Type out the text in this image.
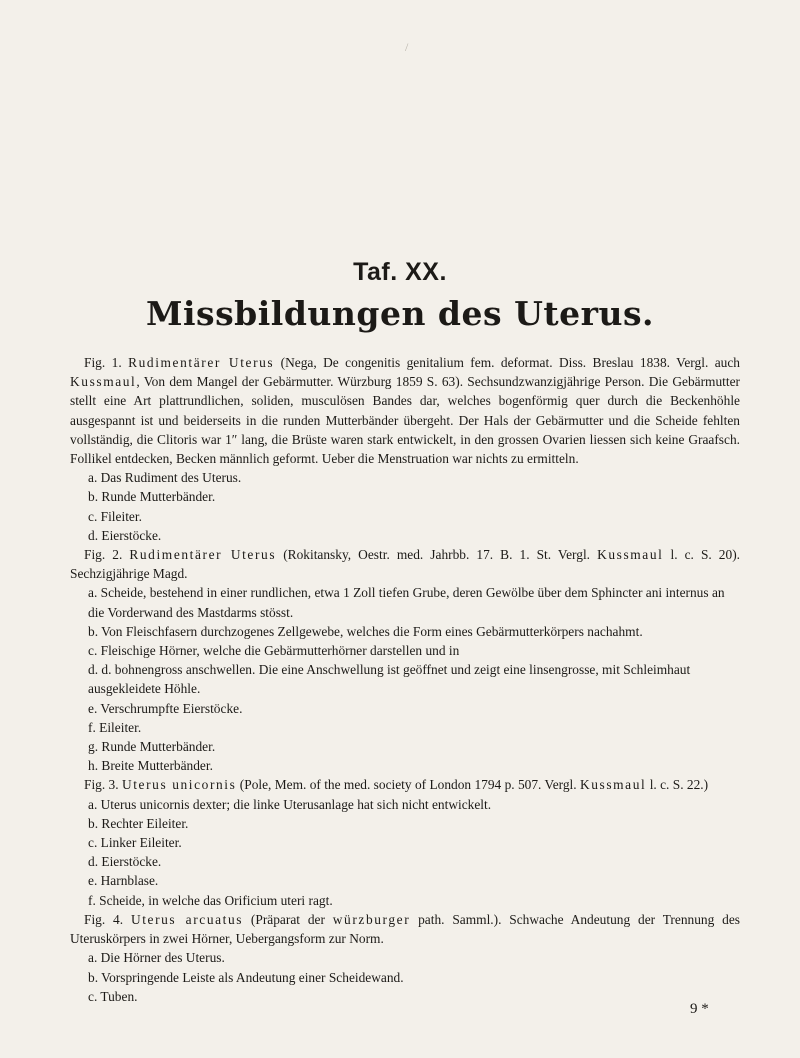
/
Taf. XX.
Missbildungen des Uterus.

Fig. 1. Rudimentärer Uterus (Nega, De congenitis genitalium fem. deformat. Diss. Breslau 1838. Vergl. auch Kussmaul, Von dem Mangel der Gebärmutter. Würzburg 1859 S. 63). Sechsundzwanzigjährige Person. Die Gebärmutter stellt eine Art plattrundlichen, soliden, musculösen Bandes dar, welches bogenförmig quer durch die Beckenhöhle ausgespannt ist und beiderseits in die runden Mutterbänder übergeht. Der Hals der Gebärmutter und die Scheide fehlten vollständig, die Clitoris war 1″ lang, die Brüste waren stark entwickelt, in den grossen Ovarien liessen sich keine Graafsch. Follikel entdecken, Becken männlich geformt. Ueber die Menstruation war nichts zu ermitteln.

a. Das Rudiment des Uterus.

b. Runde Mutterbänder.

c. Fileiter.

d. Eierstöcke.

Fig. 2. Rudimentärer Uterus (Rokitansky, Oestr. med. Jahrbb. 17. B. 1. St. Vergl. Kussmaul l. c. S. 20). Sechzigjährige Magd.

a. Scheide, bestehend in einer rundlichen, etwa 1 Zoll tiefen Grube, deren Gewölbe über dem Sphincter ani internus an die Vorderwand des Mastdarms stösst.

b. Von Fleischfasern durchzogenes Zellgewebe, welches die Form eines Gebärmutterkörpers nachahmt.

c. Fleischige Hörner, welche die Gebärmutterhörner darstellen und in

d. d. bohnengross anschwellen. Die eine Anschwellung ist geöffnet und zeigt eine linsengrosse, mit Schleimhaut ausgekleidete Höhle.

e. Verschrumpfte Eierstöcke.

f. Eileiter.

g. Runde Mutterbänder.

h. Breite Mutterbänder.

Fig. 3. Uterus unicornis (Pole, Mem. of the med. society of London 1794 p. 507. Vergl. Kussmaul l. c. S. 22.)

a. Uterus unicornis dexter; die linke Uterusanlage hat sich nicht entwickelt.

b. Rechter Eileiter.

c. Linker Eileiter.

d. Eierstöcke.

e. Harnblase.

f. Scheide, in welche das Orificium uteri ragt.

Fig. 4. Uterus arcuatus (Präparat der würzburger path. Samml.). Schwache Andeutung der Trennung des Uteruskörpers in zwei Hörner, Uebergangsform zur Norm.

a. Die Hörner des Uterus.

b. Vorspringende Leiste als Andeutung einer Scheidewand.

c. Tuben.

9 *
